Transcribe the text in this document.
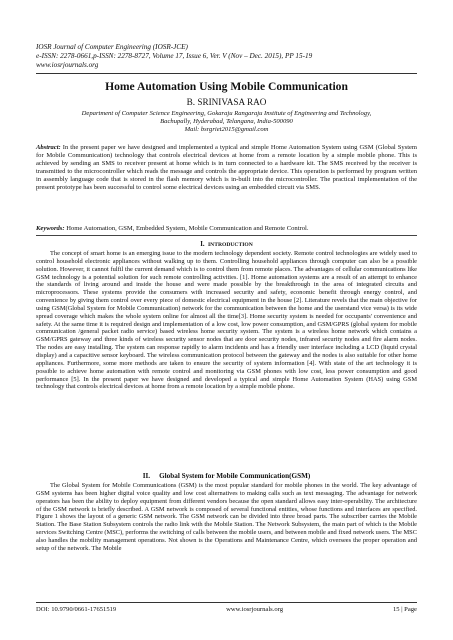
IOSR Journal of Computer Engineering (IOSR-JCE)
e-ISSN: 2278-0661,p-ISSN: 2278-8727, Volume 17, Issue 6, Ver. V (Nov – Dec. 2015), PP 15-19
www.iosrjournals.org
Home Automation Using Mobile Communication
B. SRINIVASA RAO
Department of Computer Science Engineering, Gokaraju Rangaraju Institute of Engineering and Technology,
Bachupally, Hyderabad, Telangana, India-500090
Mail: bsrgriet2015@gmail.com
Abstract: In the present paper we have designed and implemented a typical and simple Home Automation System using GSM (Global System for Mobile Communication) technology that controls electrical devices at home from a remote location by a simple mobile phone. This is achieved by sending an SMS to receiver present at home which is in turn connected to a hardware kit. The SMS received by the receiver is transmitted to the microcontroller which reads the message and controls the appropriate device. This operation is performed by program written in assembly language code that is stored in the flash memory which is in-built into the microcontroller. The practical implementation of the present prototype has been successful to control some electrical devices using an embedded circuit via SMS.
Keywords: Home Automation, GSM, Embedded System, Mobile Communication and Remote Control.
I. INTRODUCTION
The concept of smart home is an emerging issue to the modern technology dependent society. Remote control technologies are widely used to control household electronic appliances without walking up to them. Controlling household appliances through computer can also be a possible solution. However, it cannot fulfil the current demand which is to control them from remote places. The advantages of cellular communications like GSM technology is a potential solution for such remote controlling activities. [1]. Home automation systems are a result of an attempt to enhance the standards of living around and inside the house and were made possible by the breakthrough in the area of integrated circuits and microprocessors. These systems provide the consumers with increased security and safety, economic benefit through energy control, and convenience by giving them control over every piece of domestic electrical equipment in the house [2]. Literature revels that the main objective for using GSM(Global System for Mobile Communication) network for the communication between the home and the userstand vice versa) is its wide spread coverage which makes the whole system online for almost all the time[3]. Home security system is needed for occupants' convenience and safety. At the same time it is required design and implementation of a low cost, low power consumption, and GSM/GPRS (global system for mobile communication /general packet radio service) based wireless home security system. The system is a wireless home network which contains a GSM/GPRS gateway and three kinds of wireless security sensor nodes that are door security nodes, infrared security nodes and fire alarm nodes. The nodes are easy installing. The system can response rapidly to alarm incidents and has a friendly user interface including a LCD (liquid crystal display) and a capacitive sensor keyboard. The wireless communication protocol between the gateway and the nodes is also suitable for other home appliances. Furthermore, some more methods are taken to ensure the security of system information [4]. With state of the art technology it is possible to achieve home automation with remote control and monitoring via GSM phones with low cost, less power consumption and good performance [5]. In the present paper we have designed and developed a typical and simple Home Automation System (HAS) using GSM technology that controls electrical devices at home from a remote location by a simple mobile phone.
II. Global System for Mobile Communication(GSM)
The Global System for Mobile Communications (GSM) is the most popular standard for mobile phones in the world. The key advantage of GSM systems has been higher digital voice quality and low cost alternatives to making calls such as text messaging. The advantage for network operators has been the ability to deploy equipment from different vendors because the open standard allows easy inter-operability. The architecture of the GSM network is briefly described. A GSM network is composed of several functional entities, whose functions and interfaces are specified. Figure 1 shows the layout of a generic GSM network. The GSM network can be divided into three broad parts. The subscriber carries the Mobile Station. The Base Station Subsystem controls the radio link with the Mobile Station. The Network Subsystem, the main part of which is the Mobile services Switching Centre (MSC), performs the switching of calls between the mobile users, and between mobile and fixed network users. The MSC also handles the mobility management operations. Not shown is the Operations and Maintenance Centre, which oversees the proper operation and setup of the network. The Mobile
DOI: 10.9790/0661-17651519	www.iosrjournals.org	15 | Page
